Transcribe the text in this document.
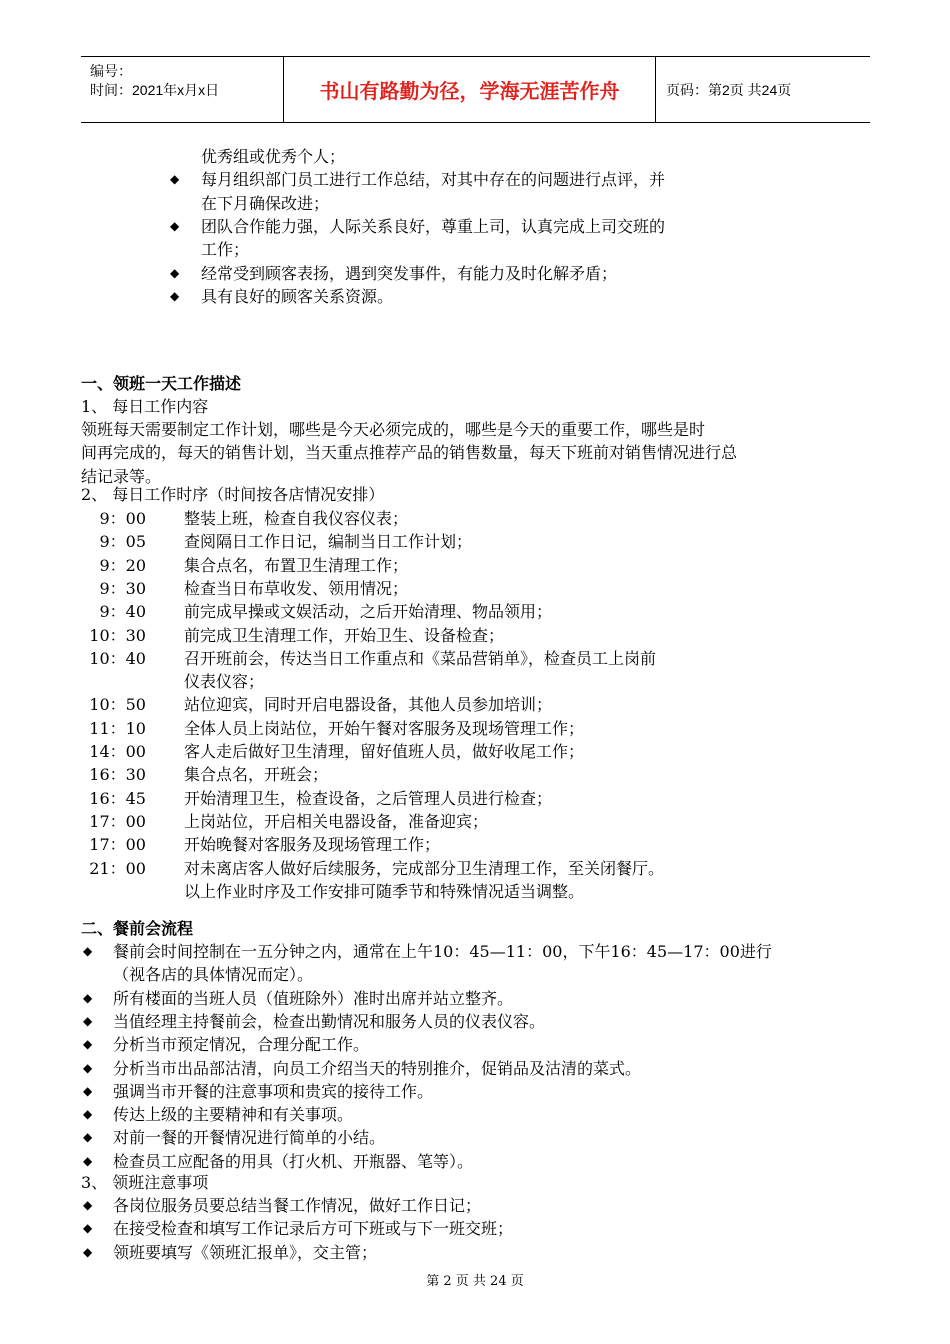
编号：
时间：2021年x月x日	书山有路勤为径，学海无涯苦作舟	页码：第2页 共24页
优秀组或优秀个人；
◆ 每月组织部门员工进行工作总结，对其中存在的问题进行点评，并
在下月确保改进；
◆ 团队合作能力强，人际关系良好，尊重上司，认真完成上司交班的
工作；
◆ 经常受到顾客表扬，遇到突发事件，有能力及时化解矛盾；
◆ 具有良好的顾客关系资源。
一、领班一天工作描述
1、 每日工作内容
领班每天需要制定工作计划，哪些是今天必须完成的，哪些是今天的重要工作，哪些是时
间再完成的，每天的销售计划，当天重点推荐产品的销售数量，每天下班前对销售情况进行总
结记录等。
2、 每日工作时序（时间按各店情况安排）
9：00 整装上班，检查自我仪容仪表；
9：05 查阅隔日工作日记，编制当日工作计划；
9：20 集合点名，布置卫生清理工作；
9：30 检查当日布草收发、领用情况；
9：40 前完成早操或文娱活动，之后开始清理、物品领用；
10：30 前完成卫生清理工作，开始卫生、设备检查；
10：40 召开班前会，传达当日工作重点和《菜品营销单》，检查员工上岗前
仪表仪容；
10：50 站位迎宾，同时开启电器设备，其他人员参加培训；
11：10 全体人员上岗站位，开始午餐对客服务及现场管理工作；
14：00 客人走后做好卫生清理，留好值班人员，做好收尾工作；
16：30 集合点名，开班会；
16：45 开始清理卫生，检查设备，之后管理人员进行检查；
17：00 上岗站位，开启相关电器设备，准备迎宾；
17：00 开始晚餐对客服务及现场管理工作；
21：00 对未离店客人做好后续服务，完成部分卫生清理工作，至关闭餐厅。
以上作业时序及工作安排可随季节和特殊情况适当调整。
二、餐前会流程
◆ 餐前会时间控制在一五分钟之内，通常在上午10：45—11：00，下午16：45—17：00进行
（视各店的具体情况而定）。
◆ 所有楼面的当班人员（值班除外）准时出席并站立整齐。
◆ 当值经理主持餐前会，检查出勤情况和服务人员的仪表仪容。
◆ 分析当市预定情况，合理分配工作。
◆ 分析当市出品部沽清，向员工介绍当天的特别推介，促销品及沽清的菜式。
◆ 强调当市开餐的注意事项和贵宾的接待工作。
◆ 传达上级的主要精神和有关事项。
◆ 对前一餐的开餐情况进行简单的小结。
◆ 检查员工应配备的用具（打火机、开瓶器、笔等）。
3、 领班注意事项
◆ 各岗位服务员要总结当餐工作情况，做好工作日记；
◆ 在接受检查和填写工作记录后方可下班或与下一班交班；
◆ 领班要填写《领班汇报单》，交主管；
第 2 页 共 24 页
